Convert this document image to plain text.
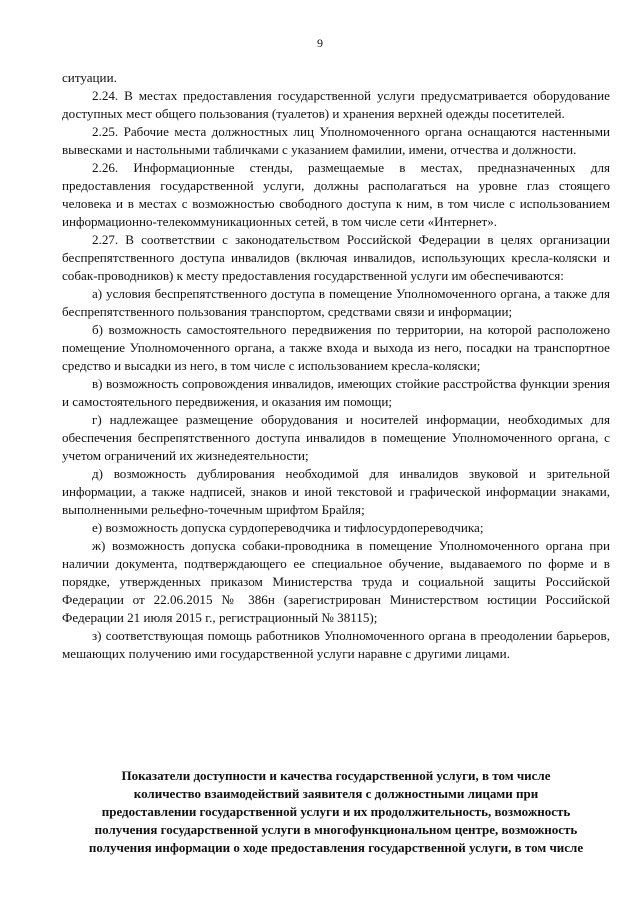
9

ситуации.

2.24. В местах предоставления государственной услуги предусматривается оборудование доступных мест общего пользования (туалетов) и хранения верхней одежды посетителей.

2.25. Рабочие места должностных лиц Уполномоченного органа оснащаются настенными вывесками и настольными табличками с указанием фамилии, имени, отчества и должности.

2.26. Информационные стенды, размещаемые в местах, предназначенных для предоставления государственной услуги, должны располагаться на уровне глаз стоящего человека и в местах с возможностью свободного доступа к ним, в том числе с использованием информационно-телекоммуникационных сетей, в том числе сети «Интернет».

2.27. В соответствии с законодательством Российской Федерации в целях организации беспрепятственного доступа инвалидов (включая инвалидов, использующих кресла-коляски и собак-проводников) к месту предоставления государственной услуги им обеспечиваются:

а) условия беспрепятственного доступа в помещение Уполномоченного органа, а также для беспрепятственного пользования транспортом, средствами связи и информации;

б) возможность самостоятельного передвижения по территории, на которой расположено помещение Уполномоченного органа, а также входа и выхода из него, посадки на транспортное средство и высадки из него, в том числе с использованием кресла-коляски;

в) возможность сопровождения инвалидов, имеющих стойкие расстройства функции зрения и самостоятельного передвижения, и оказания им помощи;

г) надлежащее размещение оборудования и носителей информации, необходимых для обеспечения беспрепятственного доступа инвалидов в помещение Уполномоченного органа, с учетом ограничений их жизнедеятельности;

д) возможность дублирования необходимой для инвалидов звуковой и зрительной информации, а также надписей, знаков и иной текстовой и графической информации знаками, выполненными рельефно-точечным шрифтом Брайля;

е) возможность допуска сурдопереводчика и тифлосурдопереводчика;

ж) возможность допуска собаки-проводника в помещение Уполномоченного органа при наличии документа, подтверждающего ее специальное обучение, выдаваемого по форме и в порядке, утвержденных приказом Министерства труда и социальной защиты Российской Федерации от 22.06.2015 № 386н (зарегистрирован Министерством юстиции Российской Федерации 21 июля 2015 г., регистрационный № 38115);

з) соответствующая помощь работников Уполномоченного органа в преодолении барьеров, мешающих получению ими государственной услуги наравне с другими лицами.

Показатели доступности и качества государственной услуги, в том числе
количество взаимодействий заявителя с должностными лицами при
предоставлении государственной услуги и их продолжительность, возможность
получения государственной услуги в многофункциональном центре, возможность
получения информации о ходе предоставления государственной услуги, в том числе
